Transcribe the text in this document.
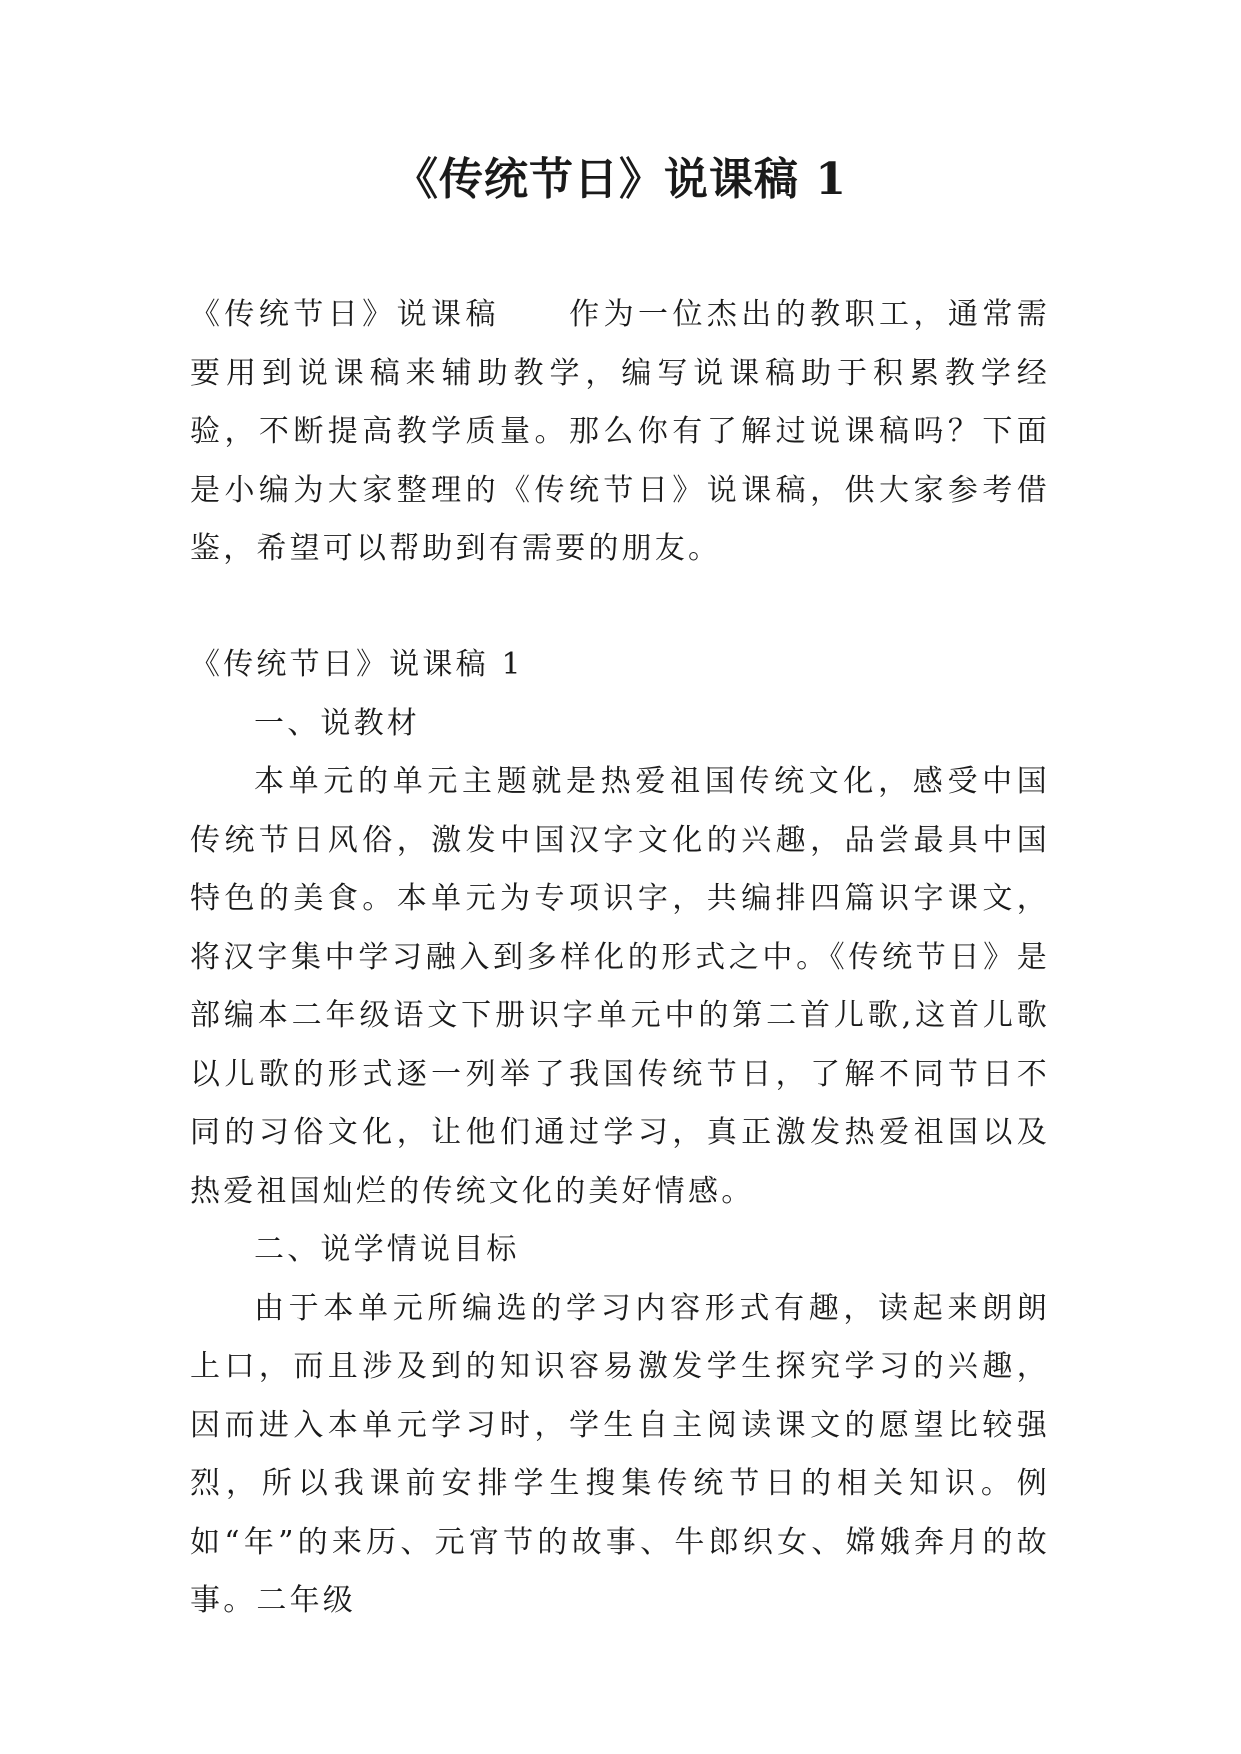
《传统节日》说课稿 1

《传统节日》说课稿 作为一位杰出的教职工，通常需要用到说课稿来辅助教学，编写说课稿助于积累教学经验，不断提高教学质量。那么你有了解过说课稿吗？下面是小编为大家整理的《传统节日》说课稿，供大家参考借鉴，希望可以帮助到有需要的朋友。

《传统节日》说课稿 1

一、说教材

本单元的单元主题就是热爱祖国传统文化，感受中国传统节日风俗，激发中国汉字文化的兴趣，品尝最具中国特色的美食。本单元为专项识字，共编排四篇识字课文，将汉字集中学习融入到多样化的形式之中。《传统节日》是部编本二年级语文下册识字单元中的第二首儿歌,这首儿歌以儿歌的形式逐一列举了我国传统节日，了解不同节日不同的习俗文化，让他们通过学习，真正激发热爱祖国以及热爱祖国灿烂的传统文化的美好情感。

二、说学情说目标

由于本单元所编选的学习内容形式有趣，读起来朗朗上口，而且涉及到的知识容易激发学生探究学习的兴趣，因而进入本单元学习时，学生自主阅读课文的愿望比较强烈，所以我课前安排学生搜集传统节日的相关知识。例如“年”的来历、元宵节的故事、牛郎织女、嫦娥奔月的故事。二年级
